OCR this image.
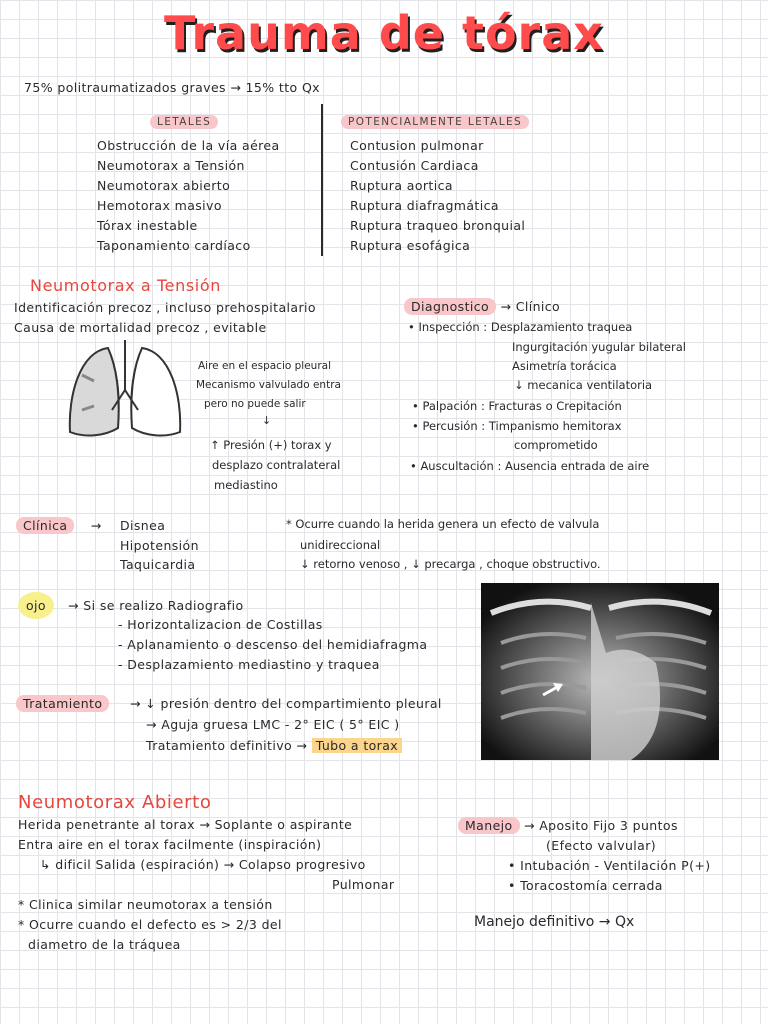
Trauma de tórax
75% politraumatizados graves → 15% tto Qx
LETALES
Obstrucción de la vía aérea
Neumotorax a Tensión
Neumotorax abierto
Hemotorax masivo
Tórax inestable
Taponamiento cardíaco
POTENCIALMENTE LETALES
Contusion pulmonar
Contusión Cardiaca
Ruptura aortica
Ruptura diafragmática
Ruptura traqueo bronquial
Ruptura esofágica
Neumotorax a Tensión
Identificación precoz , incluso prehospitalario
Causa de mortalidad precoz , evitable
Aire en el espacio pleural
Mecanismo valvulado entra
pero no puede salir
↓
↑ Presión (+) torax y
desplazo contralateral
mediastino
Diagnostico → Clínico
• Inspección : Desplazamiento traquea
Ingurgitación yugular bilateral
Asimetría torácica
↓ mecanica ventilatoria
• Palpación : Fracturas o Crepitación
• Percusión : Timpanismo hemitorax
comprometido
• Auscultación : Ausencia entrada de aire
Clínica → Disnea
Hipotensión
Taquicardia
* Ocurre cuando la herida genera un efecto de valvula
unidireccional
↓ retorno venoso , ↓ precarga , choque obstructivo.
ojo	→ Si se realizo Radiografio
- Horizontalizacion de Costillas
- Aplanamiento o descenso del hemidiafragma
- Desplazamiento mediastino y traquea
Tratamiento	→ ↓ presión dentro del compartimiento pleural
→ Aguja gruesa LMC - 2° EIC ( 5° EIC )
Tratamiento definitivo → Tubo a torax
Neumotorax Abierto
Herida penetrante al torax → Soplante o aspirante
Entra aire en el torax facilmente (inspiración)
↳ dificil Salida (espiración) → Colapso progresivo
Pulmonar
* Clinica similar neumotorax a tensión
* Ocurre cuando el defecto es > 2/3 del
diametro de la tráquea
Manejo → Aposito Fijo 3 puntos
(Efecto valvular)
• Intubación - Ventilación P(+)
• Toracostomía cerrada
Manejo definitivo → Qx
